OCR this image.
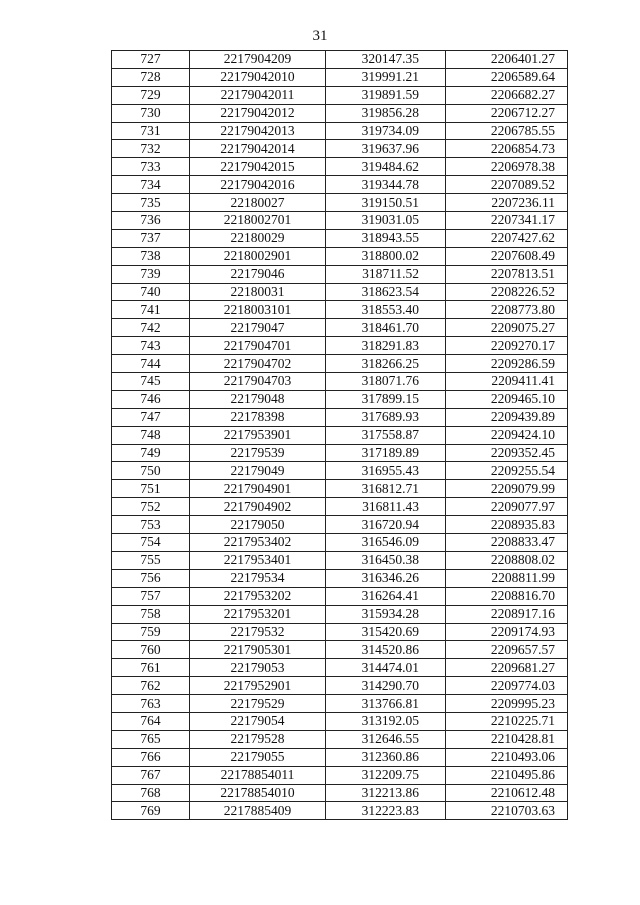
31
727	2217904209	320147.35	2206401.27
728	22179042010	319991.21	2206589.64
729	22179042011	319891.59	2206682.27
730	22179042012	319856.28	2206712.27
731	22179042013	319734.09	2206785.55
732	22179042014	319637.96	2206854.73
733	22179042015	319484.62	2206978.38
734	22179042016	319344.78	2207089.52
735	22180027	319150.51	2207236.11
736	2218002701	319031.05	2207341.17
737	22180029	318943.55	2207427.62
738	2218002901	318800.02	2207608.49
739	22179046	318711.52	2207813.51
740	22180031	318623.54	2208226.52
741	2218003101	318553.40	2208773.80
742	22179047	318461.70	2209075.27
743	2217904701	318291.83	2209270.17
744	2217904702	318266.25	2209286.59
745	2217904703	318071.76	2209411.41
746	22179048	317899.15	2209465.10
747	22178398	317689.93	2209439.89
748	2217953901	317558.87	2209424.10
749	22179539	317189.89	2209352.45
750	22179049	316955.43	2209255.54
751	2217904901	316812.71	2209079.99
752	2217904902	316811.43	2209077.97
753	22179050	316720.94	2208935.83
754	2217953402	316546.09	2208833.47
755	2217953401	316450.38	2208808.02
756	22179534	316346.26	2208811.99
757	2217953202	316264.41	2208816.70
758	2217953201	315934.28	2208917.16
759	22179532	315420.69	2209174.93
760	2217905301	314520.86	2209657.57
761	22179053	314474.01	2209681.27
762	2217952901	314290.70	2209774.03
763	22179529	313766.81	2209995.23
764	22179054	313192.05	2210225.71
765	22179528	312646.55	2210428.81
766	22179055	312360.86	2210493.06
767	22178854011	312209.75	2210495.86
768	22178854010	312213.86	2210612.48
769	2217885409	312223.83	2210703.63
